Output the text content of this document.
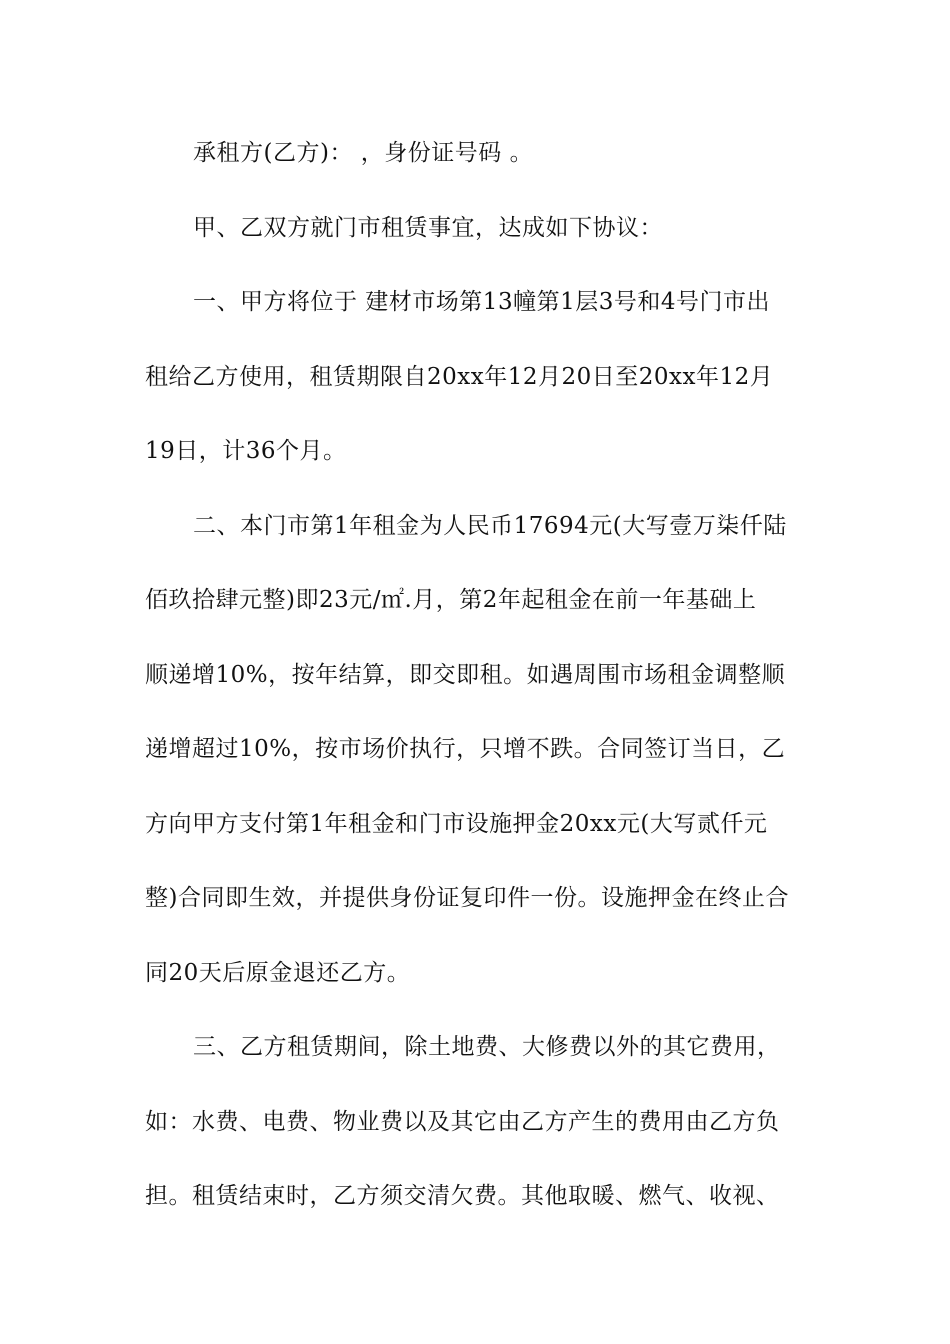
承租方(乙方)： ，身份证号码 。
甲、乙双方就门市租赁事宜，达成如下协议：
一、甲方将位于 建材市场第13幢第1层3号和4号门市出
租给乙方使用，租赁期限自20xx年12月20日至20xx年12月
19日，计36个月。
二、本门市第1年租金为人民币17694元(大写壹万柒仟陆
佰玖拾肆元整)即23元/㎡.月，第2年起租金在前一年基础上
顺递增10%，按年结算，即交即租。如遇周围市场租金调整顺
递增超过10%，按市场价执行，只增不跌。合同签订当日，乙
方向甲方支付第1年租金和门市设施押金20xx元(大写贰仟元
整)合同即生效，并提供身份证复印件一份。设施押金在终止合
同20天后原金退还乙方。
三、乙方租赁期间，除土地费、大修费以外的其它费用，
如：水费、电费、物业费以及其它由乙方产生的费用由乙方负
担。租赁结束时，乙方须交清欠费。其他取暖、燃气、收视、
